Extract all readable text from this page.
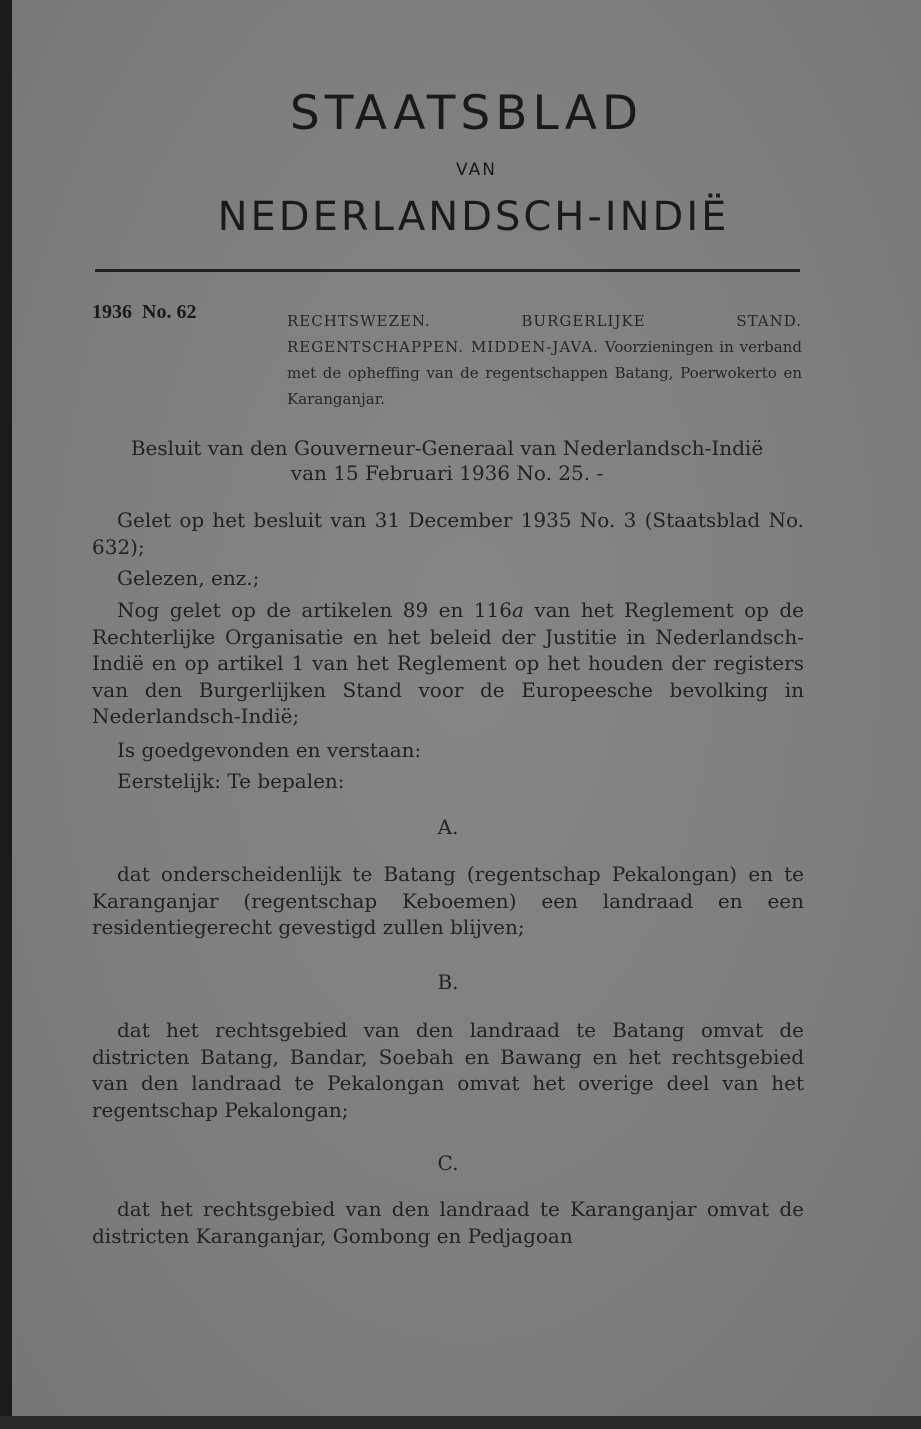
STAATSBLAD
VAN
NEDERLANDSCH-INDIË
1936 No. 62	RECHTSWEZEN. BURGERLIJKE STAND. REGENTSCHAPPEN. MIDDEN-JAVA. Voorzieningen in verband met de opheffing van de regentschappen Batang, Poerwokerto en Karanganjar.
Besluit van den Gouverneur-Generaal van Nederlandsch-Indië
van 15 Februari 1936 No. 25. -
Gelet op het besluit van 31 December 1935 No. 3 (Staatsblad No. 632);
Gelezen, enz.;
Nog gelet op de artikelen 89 en 116a van het Reglement op de Rechterlijke Organisatie en het beleid der Justitie in Nederlandsch-Indië en op artikel 1 van het Reglement op het houden der registers van den Burgerlijken Stand voor de Europeesche bevolking in Nederlandsch-Indië;
Is goedgevonden en verstaan:
Eerstelijk: Te bepalen:
A.
dat onderscheidenlijk te Batang (regentschap Pekalongan) en te Karanganjar (regentschap Keboemen) een landraad en een residentiegerecht gevestigd zullen blijven;
B.
dat het rechtsgebied van den landraad te Batang omvat de districten Batang, Bandar, Soebah en Bawang en het rechtsgebied van den landraad te Pekalongan omvat het overige deel van het regentschap Pekalongan;
C.
dat het rechtsgebied van den landraad te Karanganjar omvat de districten Karanganjar, Gombong en Pedjagoan
